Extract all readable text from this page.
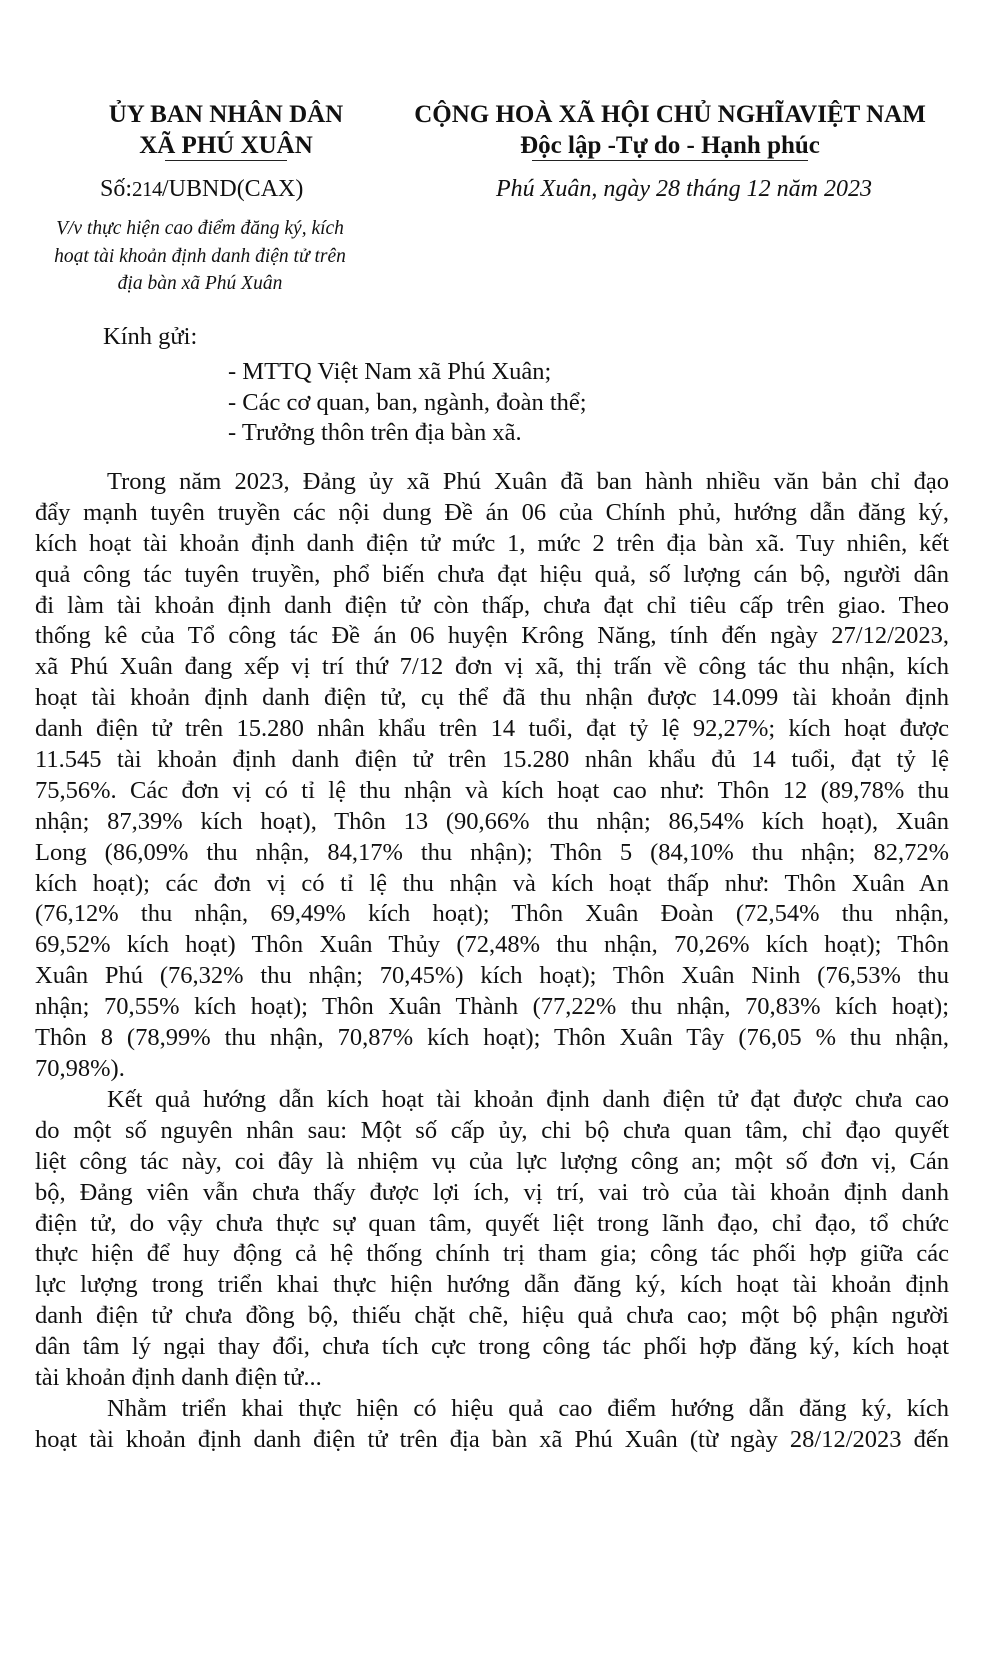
ỦY BAN NHÂN DÂN
XÃ PHÚ XUÂN
CỘNG HOÀ XÃ HỘI CHỦ NGHĨAVIỆT NAM
Độc lập -Tự do - Hạnh phúc
Số:214/UBND(CAX)	Phú Xuân, ngày 28 tháng 12 năm 2023
V/v thực hiện cao điểm đăng ký, kích
hoạt tài khoản định danh điện tử trên
địa bàn xã Phú Xuân
Kính gửi:
- MTTQ Việt Nam xã Phú Xuân;
- Các cơ quan, ban, ngành, đoàn thể;
- Trưởng thôn trên địa bàn xã.
Trong năm 2023, Đảng ủy xã Phú Xuân đã ban hành nhiều văn bản chỉ đạo
đẩy mạnh tuyên truyền các nội dung Đề án 06 của Chính phủ, hướng dẫn đăng ký,
kích hoạt tài khoản định danh điện tử mức 1, mức 2 trên địa bàn xã. Tuy nhiên, kết
quả công tác tuyên truyền, phổ biến chưa đạt hiệu quả, số lượng cán bộ, người dân
đi làm tài khoản định danh điện tử còn thấp, chưa đạt chỉ tiêu cấp trên giao. Theo
thống kê của Tổ công tác Đề án 06 huyện Krông Năng, tính đến ngày 27/12/2023,
xã Phú Xuân đang xếp vị trí thứ 7/12 đơn vị xã, thị trấn về công tác thu nhận, kích
hoạt tài khoản định danh điện tử, cụ thể đã thu nhận được 14.099 tài khoản định
danh điện tử trên 15.280 nhân khẩu trên 14 tuổi, đạt tỷ lệ 92,27%; kích hoạt được
11.545 tài khoản định danh điện tử trên 15.280 nhân khẩu đủ 14 tuổi, đạt tỷ lệ
75,56%. Các đơn vị có tỉ lệ thu nhận và kích hoạt cao như: Thôn 12 (89,78% thu
nhận; 87,39% kích hoạt), Thôn 13 (90,66% thu nhận; 86,54% kích hoạt), Xuân
Long (86,09% thu nhận, 84,17% thu nhận); Thôn 5 (84,10% thu nhận; 82,72%
kích hoạt); các đơn vị có tỉ lệ thu nhận và kích hoạt thấp như: Thôn Xuân An
(76,12% thu nhận, 69,49% kích hoạt); Thôn Xuân Đoàn (72,54% thu nhận,
69,52% kích hoạt) Thôn Xuân Thủy (72,48% thu nhận, 70,26% kích hoạt); Thôn
Xuân Phú (76,32% thu nhận; 70,45%) kích hoạt); Thôn Xuân Ninh (76,53% thu
nhận; 70,55% kích hoạt); Thôn Xuân Thành (77,22% thu nhận, 70,83% kích hoạt);
Thôn 8 (78,99% thu nhận, 70,87% kích hoạt); Thôn Xuân Tây (76,05 % thu nhận,
70,98%).
Kết quả hướng dẫn kích hoạt tài khoản định danh điện tử đạt được chưa cao
do một số nguyên nhân sau: Một số cấp ủy, chi bộ chưa quan tâm, chỉ đạo quyết
liệt công tác này, coi đây là nhiệm vụ của lực lượng công an; một số đơn vị, Cán
bộ, Đảng viên vẫn chưa thấy được lợi ích, vị trí, vai trò của tài khoản định danh
điện tử, do vậy chưa thực sự quan tâm, quyết liệt trong lãnh đạo, chỉ đạo, tổ chức
thực hiện để huy động cả hệ thống chính trị tham gia; công tác phối hợp giữa các
lực lượng trong triển khai thực hiện hướng dẫn đăng ký, kích hoạt tài khoản định
danh điện tử chưa đồng bộ, thiếu chặt chẽ, hiệu quả chưa cao; một bộ phận người
dân tâm lý ngại thay đổi, chưa tích cực trong công tác phối hợp đăng ký, kích hoạt
tài khoản định danh điện tử...
Nhằm triển khai thực hiện có hiệu quả cao điểm hướng dẫn đăng ký, kích
hoạt tài khoản định danh điện tử trên địa bàn xã Phú Xuân (từ ngày 28/12/2023 đến
